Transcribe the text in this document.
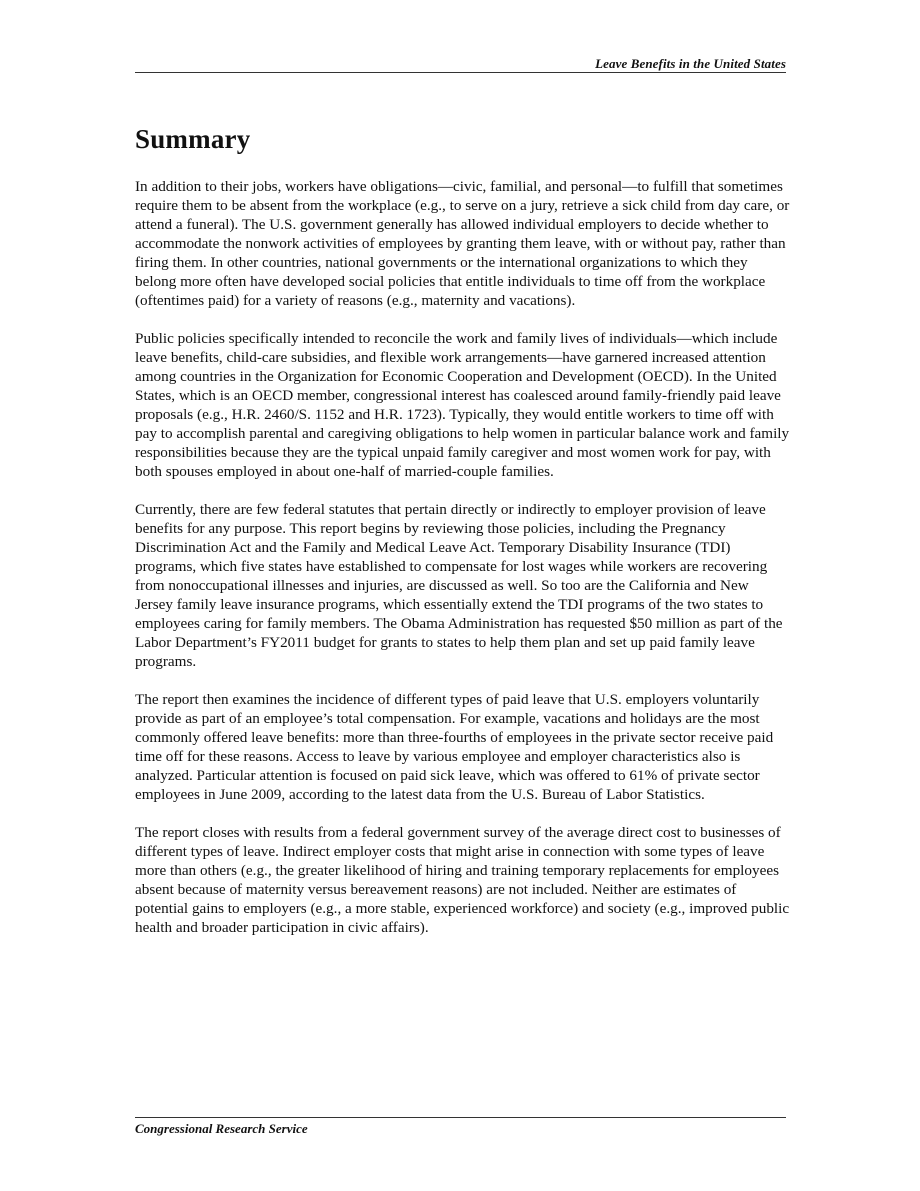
Leave Benefits in the United States
Summary

In addition to their jobs, workers have obligations—civic, familial, and personal—to fulfill that sometimes require them to be absent from the workplace (e.g., to serve on a jury, retrieve a sick child from day care, or attend a funeral). The U.S. government generally has allowed individual employers to decide whether to accommodate the nonwork activities of employees by granting them leave, with or without pay, rather than firing them. In other countries, national governments or the international organizations to which they belong more often have developed social policies that entitle individuals to time off from the workplace (oftentimes paid) for a variety of reasons (e.g., maternity and vacations).

Public policies specifically intended to reconcile the work and family lives of individuals—which include leave benefits, child-care subsidies, and flexible work arrangements—have garnered increased attention among countries in the Organization for Economic Cooperation and Development (OECD). In the United States, which is an OECD member, congressional interest has coalesced around family-friendly paid leave proposals (e.g., H.R. 2460/S. 1152 and H.R. 1723). Typically, they would entitle workers to time off with pay to accomplish parental and caregiving obligations to help women in particular balance work and family responsibilities because they are the typical unpaid family caregiver and most women work for pay, with both spouses employed in about one-half of married-couple families.

Currently, there are few federal statutes that pertain directly or indirectly to employer provision of leave benefits for any purpose. This report begins by reviewing those policies, including the Pregnancy Discrimination Act and the Family and Medical Leave Act. Temporary Disability Insurance (TDI) programs, which five states have established to compensate for lost wages while workers are recovering from nonoccupational illnesses and injuries, are discussed as well. So too are the California and New Jersey family leave insurance programs, which essentially extend the TDI programs of the two states to employees caring for family members. The Obama Administration has requested $50 million as part of the Labor Department’s FY2011 budget for grants to states to help them plan and set up paid family leave programs.

The report then examines the incidence of different types of paid leave that U.S. employers voluntarily provide as part of an employee’s total compensation. For example, vacations and holidays are the most commonly offered leave benefits: more than three-fourths of employees in the private sector receive paid time off for these reasons. Access to leave by various employee and employer characteristics also is analyzed. Particular attention is focused on paid sick leave, which was offered to 61% of private sector employees in June 2009, according to the latest data from the U.S. Bureau of Labor Statistics.

The report closes with results from a federal government survey of the average direct cost to businesses of different types of leave. Indirect employer costs that might arise in connection with some types of leave more than others (e.g., the greater likelihood of hiring and training temporary replacements for employees absent because of maternity versus bereavement reasons) are not included. Neither are estimates of potential gains to employers (e.g., a more stable, experienced workforce) and society (e.g., improved public health and broader participation in civic affairs).

Congressional Research Service
